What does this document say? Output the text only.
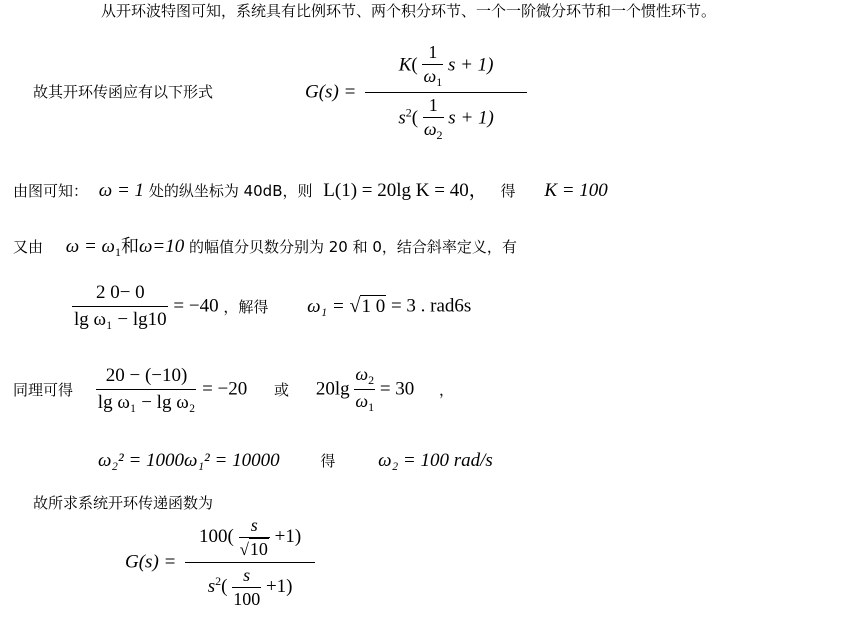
从开环波特图可知，系统具有比例环节、两个积分环节、一个一阶微分环节和一个惯性环节。
故其开环传函应有以下形式	$G(s) = \frac{K( \frac{1}{\omega_1} s + 1)}{s^2( \frac{1}{\omega_2} s + 1)}$
由图可知： ω = 1 处的纵坐标为 40dB，则 L(1) = 20lg K = 40， 得 K = 100
又由 $\omega = \omega_1$和ω=10 的幅值分贝数分别为 20 和 0，结合斜率定义，有
$\frac{2 0- 0}{\text{lg ω₁ − lg10}} = -40$ ，解得 ω₁ = √1 0 = 3 . rad6s
同理可得 $\frac{20 - (-10)}{\text{lg ω₁ − lg ω₂}} = -20$ 或 $20\lg \frac{\omega_2}{\omega_1} = 30$ ，
ω₂² = 1000ω₁² = 10000	得 ω₂ = 100 rad/s
故所求系统开环传递函数为
$G(s) = \frac{100( \frac{s}{√10} +1)}{s^2( \frac{s}{100} +1)}$
